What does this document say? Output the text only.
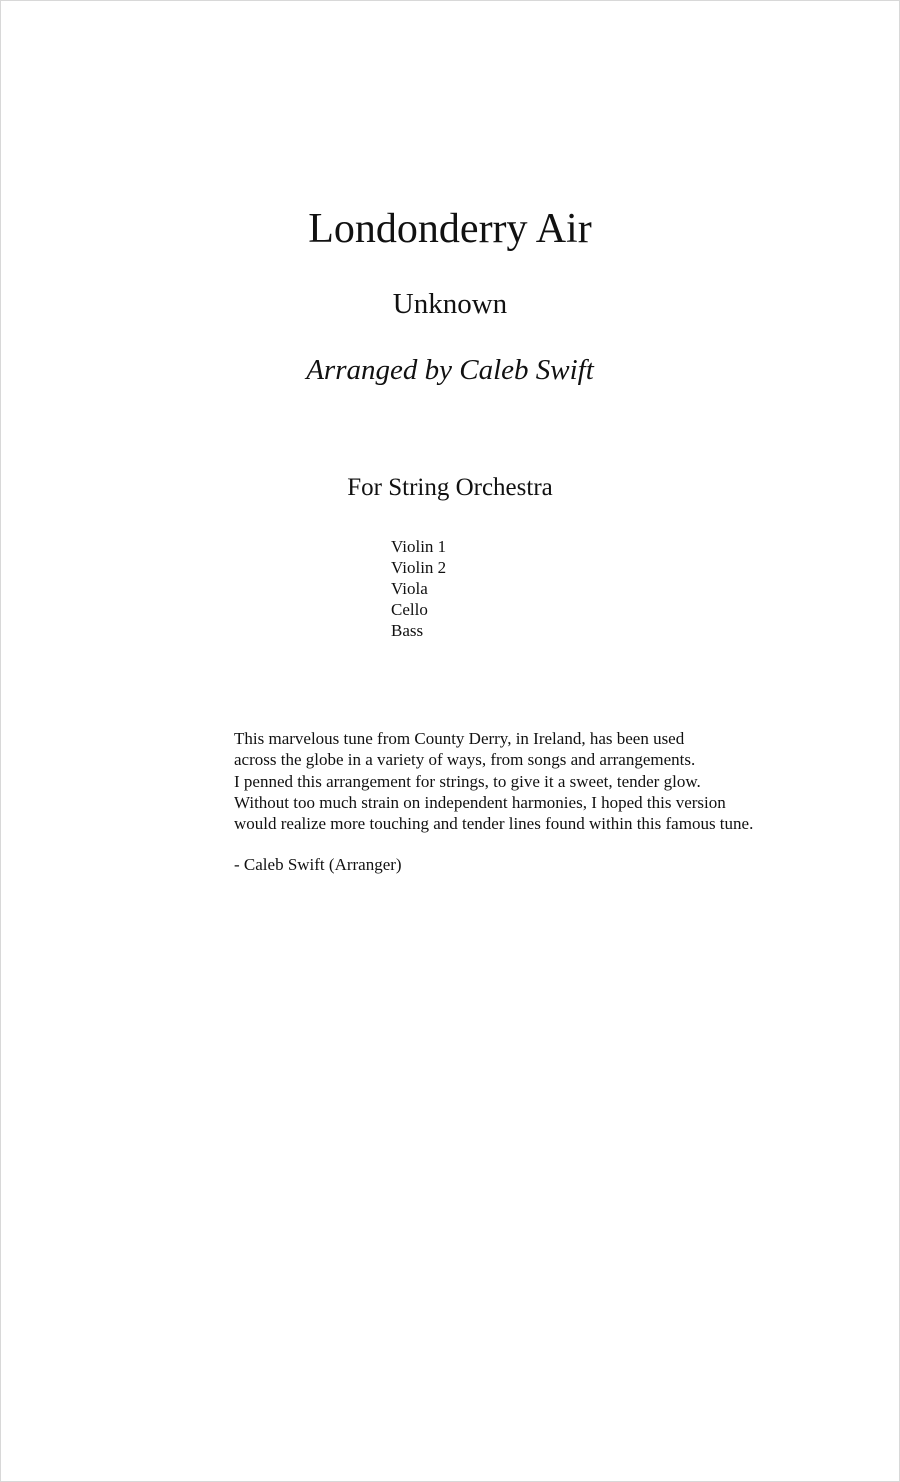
Londonderry Air
Unknown
Arranged by Caleb Swift
For String Orchestra
Violin 1
Violin 2
Viola
Cello
Bass
This marvelous tune from County Derry, in Ireland, has been used
across the globe in a variety of ways, from songs and arrangements.
I penned this arrangement for strings, to give it a sweet, tender glow.
Without too much strain on independent harmonies, I hoped this version
would realize more touching and tender lines found within this famous tune.
- Caleb Swift (Arranger)
